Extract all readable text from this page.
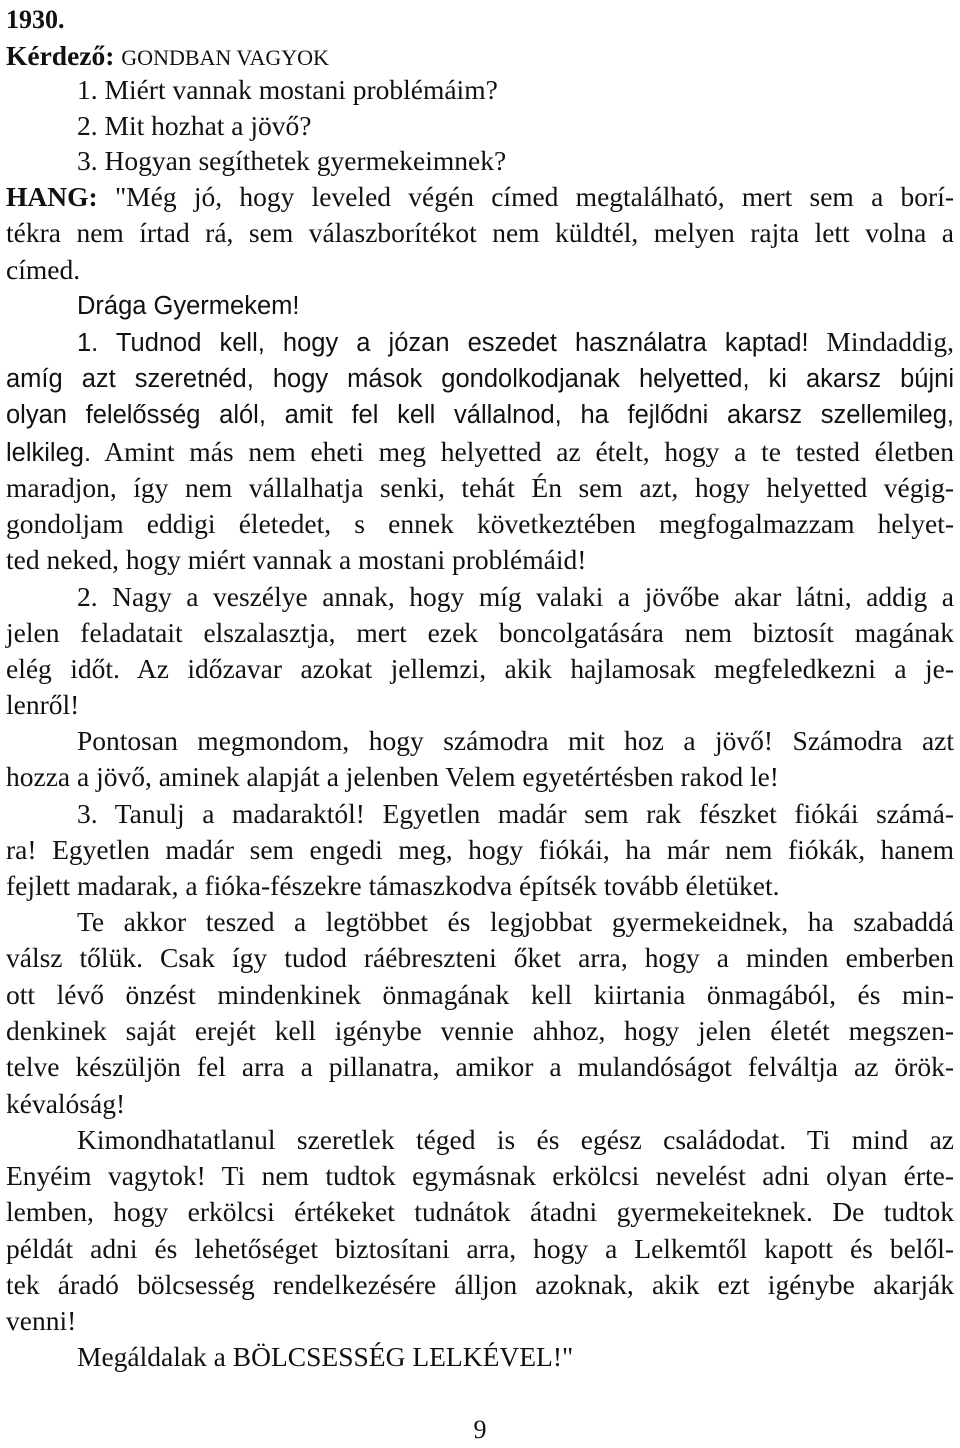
1930.
Kérdező: GONDBAN VAGYOK
1. Miért vannak mostani problémáim?
2. Mit hozhat a jövő?
3. Hogyan segíthetek gyermekeimnek?
HANG: "Még jó, hogy leveled végén címed megtalálható, mert sem a borí-
tékra nem írtad rá, sem válaszborítékot nem küldtél, melyen rajta lett volna a
címed.
Drága Gyermekem!
1. Tudnod kell, hogy a józan eszedet használatra kaptad! Mindaddig,
amíg azt szeretnéd, hogy mások gondolkodjanak helyetted, ki akarsz bújni
olyan felelősség alól, amit fel kell vállalnod, ha fejlődni akarsz szellemileg,
lelkileg. Amint más nem eheti meg helyetted az ételt, hogy a te tested életben
maradjon, így nem vállalhatja senki, tehát Én sem azt, hogy helyetted végig-
gondoljam eddigi életedet, s ennek következtében megfogalmazzam helyet-
ted neked, hogy miért vannak a mostani problémáid!
2. Nagy a veszélye annak, hogy míg valaki a jövőbe akar látni, addig a
jelen feladatait elszalasztja, mert ezek boncolgatására nem biztosít magának
elég időt. Az időzavar azokat jellemzi, akik hajlamosak megfeledkezni a je-
lenről!
Pontosan megmondom, hogy számodra mit hoz a jövő! Számodra azt
hozza a jövő, aminek alapját a jelenben Velem egyetértésben rakod le!
3. Tanulj a madaraktól! Egyetlen madár sem rak fészket fiókái számá-
ra! Egyetlen madár sem engedi meg, hogy fiókái, ha már nem fiókák, hanem
fejlett madarak, a fióka-fészekre támaszkodva építsék tovább életüket.
Te akkor teszed a legtöbbet és legjobbat gyermekeidnek, ha szabaddá
válsz tőlük. Csak így tudod ráébreszteni őket arra, hogy a minden emberben
ott lévő önzést mindenkinek önmagának kell kiirtania önmagából, és min-
denkinek saját erejét kell igénybe vennie ahhoz, hogy jelen életét megszen-
telve készüljön fel arra a pillanatra, amikor a mulandóságot felváltja az örök-
kévalóság!
Kimondhatatlanul szeretlek téged is és egész családodat. Ti mind az
Enyéim vagytok! Ti nem tudtok egymásnak erkölcsi nevelést adni olyan érte-
lemben, hogy erkölcsi értékeket tudnátok átadni gyermekeiteknek. De tudtok
példát adni és lehetőséget biztosítani arra, hogy a Lelkemtől kapott és belől-
tek áradó bölcsesség rendelkezésére álljon azoknak, akik ezt igénybe akarják
venni!
Megáldalak a BÖLCSESSÉG LELKÉVEL!"
9
